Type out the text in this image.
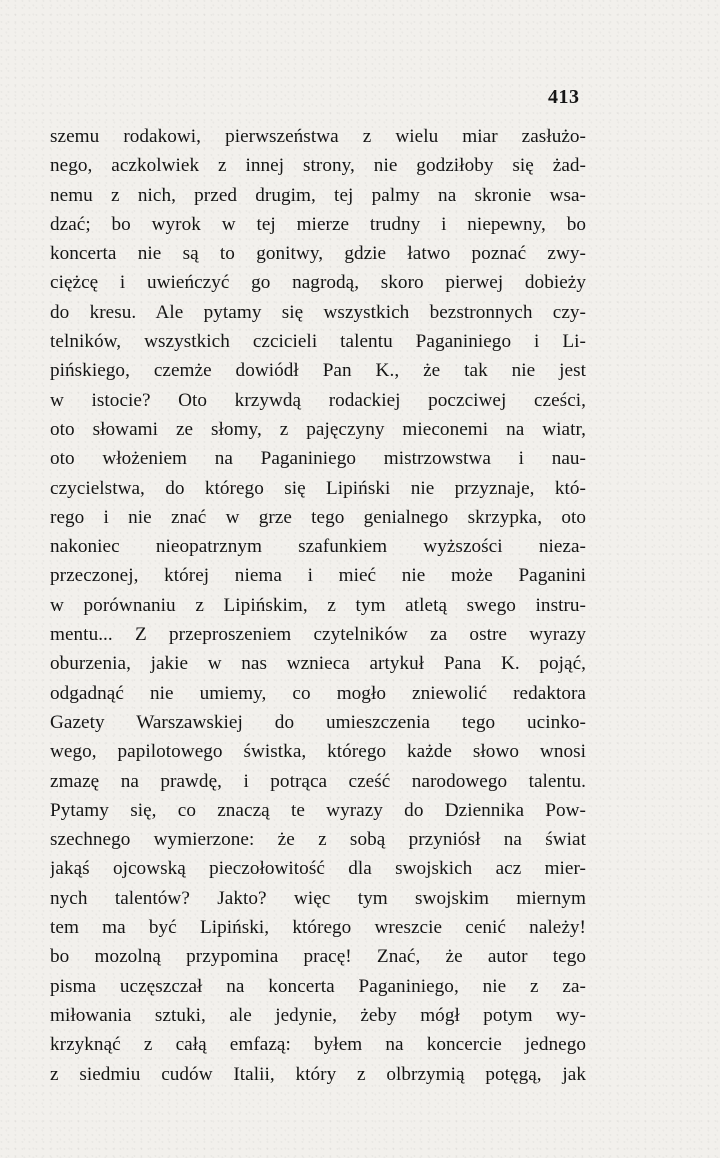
413
szemu rodakowi, pierwszeństwa z wielu miar zasłużo-
nego, aczkolwiek z innej strony, nie godziłoby się żad-
nemu z nich, przed drugim, tej palmy na skronie wsa-
dzać; bo wyrok w tej mierze trudny i niepewny, bo
koncerta nie są to gonitwy, gdzie łatwo poznać zwy-
ciężcę i uwieńczyć go nagrodą, skoro pierwej dobieży
do kresu. Ale pytamy się wszystkich bezstronnych czy-
telników, wszystkich czcicieli talentu Paganiniego i Li-
pińskiego, czemże dowiódł Pan K., że tak nie jest
w istocie? Oto krzywdą rodackiej poczciwej cześci,
oto słowami ze słomy, z pajęczyny mieconemi na wiatr,
oto włożeniem na Paganiniego mistrzowstwa i nau-
czycielstwa, do którego się Lipiński nie przyznaje, któ-
rego i nie znać w grze tego genialnego skrzypka, oto
nakoniec nieopatrznym szafunkiem wyższości nieza-
przeczonej, której niema i mieć nie może Paganini
w porównaniu z Lipińskim, z tym atletą swego instru-
mentu... Z przeproszeniem czytelników za ostre wyrazy
oburzenia, jakie w nas wznieca artykuł Pana K. pojąć,
odgadnąć nie umiemy, co mogło zniewolić redaktora
Gazety Warszawskiej do umieszczenia tego ucinko-
wego, papilotowego świstka, którego każde słowo wnosi
zmazę na prawdę, i potrąca cześć narodowego talentu.
Pytamy się, co znaczą te wyrazy do Dziennika Pow-
szechnego wymierzone: że z sobą przyniósł na świat
jakąś ojcowską pieczołowitość dla swojskich acz mier-
nych talentów? Jakto? więc tym swojskim miernym
tem ma być Lipiński, którego wreszcie cenić należy!
bo mozolną przypomina pracę! Znać, że autor tego
pisma uczęszczał na koncerta Paganiniego, nie z za-
miłowania sztuki, ale jedynie, żeby mógł potym wy-
krzyknąć z całą emfazą: byłem na koncercie jednego
z siedmiu cudów Italii, który z olbrzymią potęgą, jak
